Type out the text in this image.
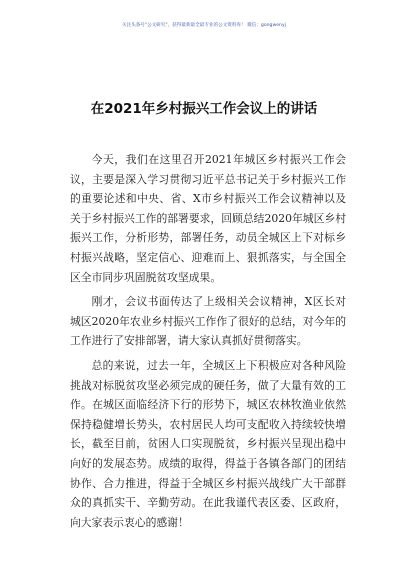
关注头条号"公文研究"，获得最新最全最专业的公文资料库！ 微信：gongwenyj
在2021年乡村振兴工作会议上的讲话

今天，我们在这里召开2021年城区乡村振兴工作会议，主要是深入学习贯彻习近平总书记关于乡村振兴工作的重要论述和中央、省、X市乡村振兴工作会议精神以及关于乡村振兴工作的部署要求，回顾总结2020年城区乡村振兴工作，分析形势，部署任务，动员全城区上下对标乡村振兴战略，坚定信心、迎难而上、狠抓落实，与全国全区全市同步巩固脱贫攻坚成果。

刚才，会议书面传达了上级相关会议精神，X区长对城区2020年农业乡村振兴工作作了很好的总结，对今年的工作进行了安排部署，请大家认真抓好贯彻落实。

总的来说，过去一年，全城区上下积极应对各种风险挑战对标脱贫攻坚必须完成的硬任务，做了大量有效的工作。在城区面临经济下行的形势下，城区农林牧渔业依然保持稳健增长势头，农村居民人均可支配收入持续较快增长，截至目前，贫困人口实现脱贫，乡村振兴呈现出稳中向好的发展态势。成绩的取得，得益于各镇各部门的团结协作、合力推进，得益于全城区乡村振兴战线广大干部群众的真抓实干、辛勤劳动。在此我谨代表区委、区政府，向大家表示衷心的感谢！
